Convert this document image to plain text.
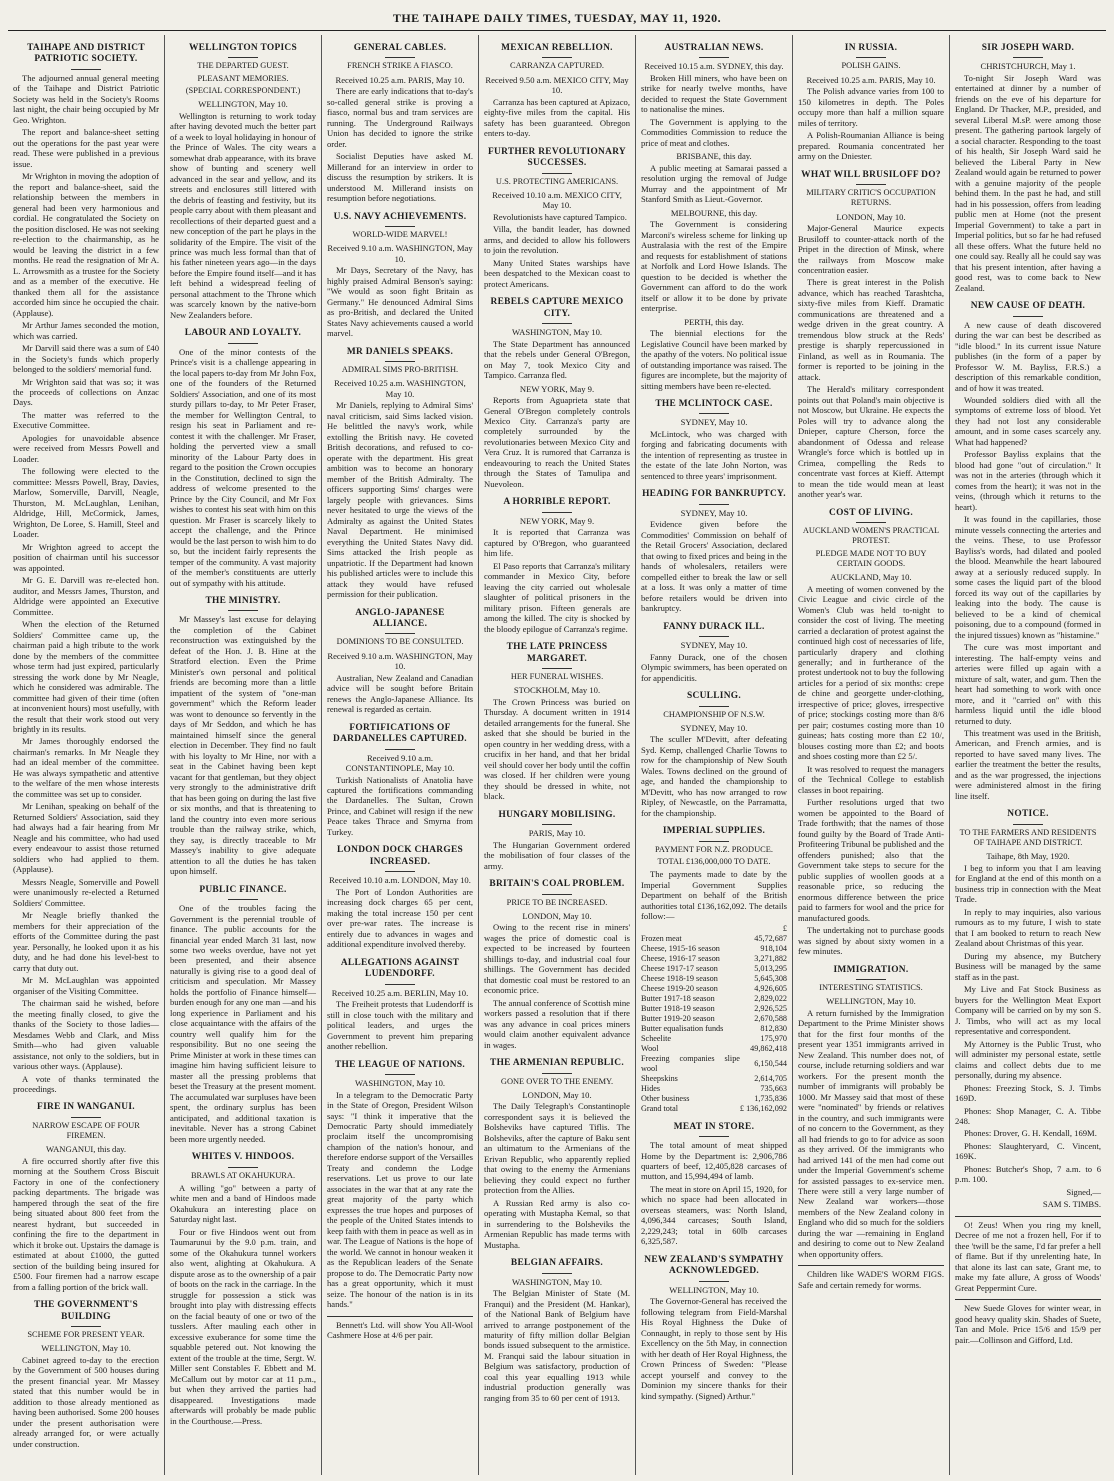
THE TAIHAPE DAILY TIMES, TUESDAY, MAY 11, 1920.
TAIHAPE AND DISTRICT PATRIOTIC SOCIETY.

The adjourned annual general meeting of the Taihape and District Patriotic Society was held in the Society's Rooms last night, the chair being occupied by Mr Geo. Wrighton.

The report and balance-sheet setting out the operations for the past year were read. These were published in a previous issue.

Mr Wrighton in moving the adoption of the report and balance-sheet, said the relationship between the members in general had been very harmonious and cordial. He congratulated the Society on the position disclosed. He was not seeking re-election to the chairmanship, as he would be leaving the district in a few months. He read the resignation of Mr A. L. Arrowsmith as a trustee for the Society and as a member of the executive. He thanked them all for the assistance accorded him since he occupied the chair. (Applause).

Mr Arthur James seconded the motion, which was carried.

Mr Darvill said there was a sum of £40 in the Society's funds which properly belonged to the soldiers' memorial fund.

Mr Wrighton said that was so; it was the proceeds of collections on Anzac Days.

The matter was referred to the Executive Committee.

Apologies for unavoidable absence were received from Messrs Powell and Loader.

The following were elected to the committee: Messrs Powell, Bray, Davies, Marlow, Somerville, Darvill, Neagle, Thurston, M. McLaughlan, Lenihan, Aldridge, Hill, McCormick, James, Wrighton, De Loree, S. Hamill, Steel and Loader.

Mr Wrighton agreed to accept the position of chairman until his successor was appointed.

Mr G. E. Darvill was re-elected hon. auditor, and Messrs James, Thurston, and Aldridge were appointed an Executive Committee.

When the election of the Returned Soldiers' Committee came up, the chairman paid a high tribute to the work done by the members of the committee whose term had just expired, particularly stressing the work done by Mr Neagle, which he considered was admirable. The committee had given of their time (often at inconvenient hours) most usefully, with the result that their work stood out very brightly in its results.

Mr James thoroughly endorsed the chairman's remarks. In Mr Neagle they had an ideal member of the committee. He was always sympathetic and attentive to the welfare of the men whose interests the committee was set up to consider.

Mr Lenihan, speaking on behalf of the Returned Soldiers' Association, said they had always had a fair hearing from Mr Neagle and his committee, who had used every endeavour to assist those returned soldiers who had applied to them. (Applause).

Messrs Neagle, Somerville and Powell were unanimously re-elected a Returned Soldiers' Committee.

Mr Neagle briefly thanked the members for their appreciation of the efforts of the Committee during the past year. Personally, he looked upon it as his duty, and he had done his level-best to carry that duty out.

Mr M. McLaughlan was appointed organiser of the Visiting Committee.

The chairman said he wished, before the meeting finally closed, to give the thanks of the Society to those ladies—Mesdames Webb and Clark, and Miss Smith—who had given valuable assistance, not only to the soldiers, but in various other ways. (Applause).

A vote of thanks terminated the proceedings.

FIRE IN WANGANUI.
NARROW ESCAPE OF FOUR FIREMEN.
WANGANUI, this day.

A fire occurred shortly after five this morning at the Southern Cross Biscuit Factory in one of the confectionery packing departments. The brigade was hampered through the seat of the fire being situated about 800 feet from the nearest hydrant, but succeeded in confining the fire to the department in which it broke out. Upstairs the damage is estimated at about £1000, the gutted section of the building being insured for £500. Four firemen had a narrow escape from a falling portion of the brick wall.

THE GOVERNMENT'S BUILDING
SCHEME FOR PRESENT YEAR.
WELLINGTON, May 10.

Cabinet agreed to-day to the erection by the Government of 500 houses during the present financial year. Mr Massey stated that this number would be in addition to those already mentioned as having been authorised. Some 200 houses under the present authorisation were already arranged for, or were actually under construction.

WELLINGTON TOPICS
THE DEPARTED GUEST.
PLEASANT MEMORIES.
(SPECIAL CORRESPONDENT.)
WELLINGTON, May 10.

Wellington is returning to work today after having devoted much the better part of a week to loyal holidaying in honour of the Prince of Wales. The city wears a somewhat drab appearance, with its brave show of bunting and scenery well advanced in the sear and yellow, and its streets and enclosures still littered with the debris of feasting and festivity, but its people carry about with them pleasant and recollections of their departed guest and a new conception of the part he plays in the solidarity of the Empire. The visit of the prince was much less formal than that of his father nineteen years ago—in the days before the Empire found itself—and it has left behind a widespread feeling of personal attachment to the Throne which was scarcely known by the native-born New Zealanders before.

LABOUR AND LOYALTY.

One of the minor contests of the Prince's visit is a challenge appearing in the local papers to-day from Mr John Fox, one of the founders of the Returned Soldiers' Association, and one of its most sturdy pillars to-day, to Mr Peter Fraser, the member for Wellington Central, to resign his seat in Parliament and re-contest it with the challenger. Mr Fraser, holding the perverted view a small minority of the Labour Party does in regard to the position the Crown occupies in the Constitution, declined to sign the address of welcome presented to the Prince by the City Council, and Mr Fox wishes to contest his seat with him on this question. Mr Fraser is scarcely likely to accept the challenge, and the Prince would be the last person to wish him to do so, but the incident fairly represents the temper of the community. A vast majority of the member's constituents are utterly out of sympathy with his attitude.

THE MINISTRY.

Mr Massey's last excuse for delaying the completion of the Cabinet reconstruction was extinguished by the defeat of the Hon. J. B. Hine at the Stratford election. Even the Prime Minister's own personal and political friends are becoming more than a little impatient of the system of "one-man government" which the Reform leader was wont to denounce so fervently in the days of Mr Seddon, and which he has maintained himself since the general election in December. They find no fault with his loyalty to Mr Hine, nor with a seat in the Cabinet having been kept vacant for that gentleman, but they object very strongly to the administrative drift that has been going on during the last five or six months, and that is threatening to land the country into even more serious trouble than the railway strike, which, they say, is directly traceable to Mr Massey's inability to give adequate attention to all the duties he has taken upon himself.

PUBLIC FINANCE.

One of the troubles facing the Government is the perennial trouble of finance. The public accounts for the financial year ended March 31 last, now some two weeks overdue, have not yet been presented, and their absence naturally is giving rise to a good deal of criticism and speculation. Mr Massey holds the portfolio of Finance himself—burden enough for any one man —and his long experience in Parliament and his close acquaintance with the affairs of the country well qualify him for the responsibility. But no one seeing the Prime Minister at work in these times can imagine him having sufficient leisure to master all the pressing problems that beset the Treasury at the present moment. The accumulated war surpluses have been spent, the ordinary surplus has been anticipated, and additional taxation is inevitable. Never has a strong Cabinet been more urgently needed.

WHITES V. HINDOOS.
BRAWLS AT OKAHUKURA.

A willing "go" between a party of white men and a band of Hindoos made Okahukura an interesting place on Saturday night last.

Four or five Hindoos went out from Taumarunui by the 9.0 p.m. train, and some of the Okahukura tunnel workers also went, alighting at Okahukura. A dispute arose as to the ownership of a pair of boots on the rack in the carriage. In the struggle for possession a stick was brought into play with distressing effects on the facial beauty of one or two of the tusslers. After mauling each other in excessive exuberance for some time the squabble petered out. Not knowing the extent of the trouble at the time, Sergt. W. Miller sent Constables F. Ebbett and M. McCallum out by motor car at 11 p.m., but when they arrived the parties had disappeared. Investigations made afterwards will probably be made public in the Courthouse.—Press.

GENERAL CABLES.
FRENCH STRIKE A FIASCO.
Received 10.25 a.m. PARIS, May 10.

There are early indications that to-day's so-called general strike is proving a fiasco, normal bus and tram services are running. The Underground Railways Union has decided to ignore the strike order.

Socialist Deputies have asked M. Millerand for an interview in order to discuss the resumption by strikers. It is understood M. Millerand insists on resumption before negotiations.

U.S. NAVY ACHIEVEMENTS.
WORLD-WIDE MARVEL!
Received 9.10 a.m. WASHINGTON, May 10.

Mr Days, Secretary of the Navy, has highly praised Admiral Benson's saying: "We would as soon fight Britain as Germany." He denounced Admiral Sims as pro-British, and declared the United States Navy achievements caused a world marvel.

MR DANIELS SPEAKS.
ADMIRAL SIMS PRO-BRITISH.
Received 10.25 a.m. WASHINGTON, May 10.

Mr Daniels, replying to Admiral Sims' naval criticism, said Sims lacked vision. He belittled the navy's work, while extolling the British navy. He coveted British decorations, and refused to co-operate with the department. His great ambition was to become an honorary member of the British Admiralty. The officers supporting Sims' charges were largely people with grievances. Sims never hesitated to urge the views of the Admiralty as against the United States Naval Department. He minimised everything the United States Navy did. Sims attacked the Irish people as unpatriotic. If the Department had known his published articles were to include this attack they would have refused permission for their publication.

ANGLO-JAPANESE ALLIANCE.
DOMINIONS TO BE CONSULTED.
Received 9.10 a.m. WASHINGTON, May 10.

Australian, New Zealand and Canadian advice will be sought before Britain renews the Anglo-Japanese Alliance. Its renewal is regarded as certain.

FORTIFICATIONS OF DARDANELLES CAPTURED.
Received 9.10 a.m. CONSTANTINOPLE, May 10.

Turkish Nationalists of Anatolia have captured the fortifications commanding the Dardanelles. The Sultan, Crown Prince, and Cabinet will resign if the new Peace takes Thrace and Smyrna from Turkey.

LONDON DOCK CHARGES INCREASED.
Received 10.10 a.m. LONDON, May 10.

The Port of London Authorities are increasing dock charges 65 per cent, making the total increase 150 per cent over pre-war rates. The increase is entirely due to advances in wages and additional expenditure involved thereby.

ALLEGATIONS AGAINST LUDENDORFF.
Received 10.25 a.m. BERLIN, May 10.

The Freiheit protests that Ludendorff is still in close touch with the military and political leaders, and urges the Government to prevent him preparing another rebellion.

THE LEAGUE OF NATIONS.
WASHINGTON, May 10.

In a telegram to the Democratic Party in the State of Oregon, President Wilson says: "I think it imperative that the Democratic Party should immediately proclaim itself the uncompromising champion of the nation's honour, and therefore endorse support of the Versailles Treaty and condemn the Lodge reservations. Let us prove to our late associates in the war that at any rate the great majority of the party which expresses the true hopes and purposes of the people of the United States intends to keep faith with them in peace as well as in war. The League of Nations is the hope of the world. We cannot in honour weaken it as the Republican leaders of the Senate propose to do. The Democratic Party now has a great opportunity, which it must seize. The honour of the nation is in its hands."

Bennett's Ltd. will show You All-Wool Cashmere Hose at 4/6 per pair.

MEXICAN REBELLION.
CARRANZA CAPTURED.
Received 9.50 a.m. MEXICO CITY, May 10.

Carranza has been captured at Apizaco, eighty-five miles from the capital. His safety has been guaranteed. Obregon enters to-day.

FURTHER REVOLUTIONARY SUCCESSES.
U.S. PROTECTING AMERICANS.
Received 10.10 a.m. MEXICO CITY, May 10.

Revolutionists have captured Tampico.

Villa, the bandit leader, has downed arms, and decided to allow his followers to join the revolution.

Many United States warships have been despatched to the Mexican coast to protect Americans.

REBELS CAPTURE MEXICO CITY.
WASHINGTON, May 10.

The State Department has announced that the rebels under General O'Bregon, on May 7, took Mexico City and Tampico. Carranza fled.

NEW YORK, May 9.

Reports from Aguaprieta state that General O'Bregon completely controls Mexico City. Carranza's party are completely surrounded by the revolutionaries between Mexico City and Vera Cruz. It is rumored that Carranza is endeavouring to reach the United States through the States of Tamulipa and Nuevoleon.

A HORRIBLE REPORT.
NEW YORK, May 9.

It is reported that Carranza was captured by O'Bregon, who guaranteed him life.

El Paso reports that Carranza's military commander in Mexico City, before leaving the city carried out wholesale slaughter of political prisoners in the military prison. Fifteen generals are among the killed. The city is shocked by the bloody epilogue of Carranza's regime.

THE LATE PRINCESS MARGARET.
HER FUNERAL WISHES.
STOCKHOLM, May 10.

The Crown Princess was buried on Thursday. A document written in 1914 detailed arrangements for the funeral. She asked that she should be buried in the open country in her wedding dress, with a crucifix in her hand, and that her bridal veil should cover her body until the coffin was closed. If her children were young they should be dressed in white, not black.

HUNGARY MOBILISING.
PARIS, May 10.

The Hungarian Government ordered the mobilisation of four classes of the army.

BRITAIN'S COAL PROBLEM.
PRICE TO BE INCREASED.
LONDON, May 10.

Owing to the recent rise in miners' wages the price of domestic coal is expected to be increased by fourteen shillings to-day, and industrial coal four shillings. The Government has decided that domestic coal must be restored to an economic price.

The annual conference of Scottish mine workers passed a resolution that if there was any advance in coal prices miners would claim another equivalent advance in wages.

THE ARMENIAN REPUBLIC.
GONE OVER TO THE ENEMY.
LONDON, May 10.

The Daily Telegraph's Constantinople correspondent says it is believed the Bolsheviks have captured Tiflis. The Bolsheviks, after the capture of Baku sent an ultimatum to the Armenians of the Erivan Republic, who apparently replied that owing to the enemy the Armenians believing they could expect no further protection from the Allies.

A Russian Red army is also co-operating with Mustapha Kemal, so that in surrendering to the Bolsheviks the Armenian Republic has made terms with Mustapha.

BELGIAN AFFAIRS.
WASHINGTON, May 10.

The Belgian Minister of State (M. Franqui) and the President (M. Hankar), of the National Bank of Belgium have arrived to arrange postponement of the maturity of fifty million dollar Belgian bonds issued subsequent to the armistice. M. Franqui said the labour situation in Belgium was satisfactory, production of coal this year equalling 1913 while industrial production generally was ranging from 35 to 60 per cent of 1913.

AUSTRALIAN NEWS.
Received 10.15 a.m. SYDNEY, this day.

Broken Hill miners, who have been on strike for nearly twelve months, have decided to request the State Government to nationalise the mines.

The Government is applying to the Commodities Commission to reduce the price of meat and clothes.

BRISBANE, this day.

A public meeting at Samarai passed a resolution urging the removal of Judge Murray and the appointment of Mr Stanford Smith as Lieut.-Governor.

MELBOURNE, this day.

The Government is considering Marconi's wireless scheme for linking up Australasia with the rest of the Empire and requests for establishment of stations at Norfolk and Lord Howe Islands. The question to be decided is whether the Government can afford to do the work itself or allow it to be done by private enterprise.

PERTH, this day.

The biennial elections for the Legislative Council have been marked by the apathy of the voters. No political issue of outstanding importance was raised. The figures are incomplete, but the majority of sitting members have been re-elected.

THE MCLINTOCK CASE.
SYDNEY, May 10.

McLintock, who was charged with forging and fabricating documents with the intention of representing as trustee in the estate of the late John Norton, was sentenced to three years' imprisonment.

HEADING FOR BANKRUPTCY.
SYDNEY, May 10.

Evidence given before the Commodities' Commission on behalf of the Retail Grocers' Association, declared that owing to fixed prices and being in the hands of wholesalers, retailers were compelled either to break the law or sell at a loss. It was only a matter of time before retailers would be driven into bankruptcy.

FANNY DURACK ILL.
SYDNEY, May 10.

Fanny Durack, one of the chosen Olympic swimmers, has been operated on for appendicitis.

SCULLING.
CHAMPIONSHIP OF N.S.W.
SYDNEY, May 10.

The sculler M'Devitt, after defeating Syd. Kemp, challenged Charlie Towns to row for the championship of New South Wales. Towns declined on the ground of age, and handed the championship to M'Devitt, who has now arranged to row Ripley, of Newcastle, on the Parramatta, for the championship.

IMPERIAL SUPPLIES.
PAYMENT FOR N.Z. PRODUCE.
TOTAL £136,000,000 TO DATE.

The payments made to date by the Imperial Government Supplies Department on behalf of the British authorities total £136,162,092. The details follow:—

	£
Frozen meat	45,72,687
Cheese, 1915-16 season	918,104
Cheese, 1916-17 season	3,271,882
Cheese 1917-17 season	5,013,295
Cheese 1918-19 season	5,645,308
Cheese 1919-20 season	4,926,605
Butter 1917-18 season	2,829,022
Butter 1918-19 season	2,926,525
Butter 1919-20 season	2,670,588
Butter equalisation funds	812,830
Scheelite	175,970
Wool	49,862,418
Freezing companies slipe wool	6,150,544
Sheepskins	2,614,705
Hides	735,663
Other business	1,735,836
Grand total	£ 136,162,092
MEAT IN STORE.

The total amount of meat shipped Home by the Department is: 2,906,786 quarters of beef, 12,405,828 carcases of mutton, and 15,994,494 of lamb.

The meat in store on April 15, 1920, for which no space had been allocated in overseas steamers, was: North Island, 4,096,344 carcases; South Island, 2,229,243; total in 60lb carcases 6,325,587.

NEW ZEALAND'S SYMPATHY ACKNOWLEDGED.
WELLINGTON, May 10.

The Governor-General has received the following telegram from Field-Marshal His Royal Highness the Duke of Connaught, in reply to those sent by His Excellency on the 5th May, in connection with her death of Her Royal Highness, the Crown Princess of Sweden: "Please accept yourself and convey to the Dominion my sincere thanks for their kind sympathy. (Signed) Arthur."

IN RUSSIA.
POLISH GAINS.
Received 10.25 a.m. PARIS, May 10.

The Polish advance varies from 100 to 150 kilometres in depth. The Poles occupy more than half a million square miles of territory.

A Polish-Roumanian Alliance is being prepared. Roumania concentrated her army on the Dniester.

WHAT WILL BRUSILOFF DO?
MILITARY CRITIC'S OCCUPATION RETURNS.
LONDON, May 10.

Major-General Maurice expects Brusiloff to counter-attack north of the Pripet in the direction of Minsk, where the railways from Moscow make concentration easier.

There is great interest in the Polish advance, which has reached Tarashtcha, sixty-five miles from Kieff. Dramatic communications are threatened and a wedge driven in the great country. A tremendous blow struck at the Reds' prestige is sharply repercussioned in Finland, as well as in Roumania. The former is reported to be joining in the attack.

The Herald's military correspondent points out that Poland's main objective is not Moscow, but Ukraine. He expects the Poles will try to advance along the Dnieper, capture Cherson, force the abandonment of Odessa and release Wrangle's force which is bottled up in Crimea, compelling the Reds to concentrate vast forces at Kieff. Attempt to mean the tide would mean at least another year's war.

COST OF LIVING.
AUCKLAND WOMEN'S PRACTICAL PROTEST.
PLEDGE MADE NOT TO BUY CERTAIN GOODS.
AUCKLAND, May 10.

A meeting of women convened by the Civic League and civic circle of the Women's Club was held to-night to consider the cost of living. The meeting carried a declaration of protest against the continued high cost of necessaries of life, particularly drapery and clothing generally; and in furtherance of the protest undertook not to buy the following articles for a period of six months: crepe de chine and georgette under-clothing, irrespective of price; gloves, irrespective of price; stockings costing more than 8/6 per pair; costumes costing more than 10 guineas; hats costing more than £2 10/, blouses costing more than £2; and boots and shoes costing more than £2 5/.

It was resolved to request the managers of the Technical College to establish classes in boot repairing.

Further resolutions urged that two women be appointed to the Board of Trade forthwith; that the names of those found guilty by the Board of Trade Anti-Profiteering Tribunal be published and the offenders punished; also that the Government take steps to secure for the public supplies of woollen goods at a reasonable price, so reducing the enormous difference between the price paid to farmers for wool and the price for manufactured goods.

The undertaking not to purchase goods was signed by about sixty women in a few minutes.

IMMIGRATION.
INTERESTING STATISTICS.
WELLINGTON, May 10.

A return furnished by the Immigration Department to the Prime Minister shows that for the first four months of the present year 1351 immigrants arrived in New Zealand. This number does not, of course, include returning soldiers and war workers. For the present month the number of immigrants will probably be 1000. Mr Massey said that most of these were "nominated" by friends or relatives in the country, and such immigrants were of no concern to the Government, as they all had friends to go to for advice as soon as they arrived. Of the immigrants who had arrived 141 of the men had come out under the Imperial Government's scheme for assisted passages to ex-service men. There were still a very large number of New Zealand war workers—those members of the New Zealand colony in England who did so much for the soldiers during the war —remaining in England and desiring to come out to New Zealand when opportunity offers.

Children like WADE'S WORM FIGS. Safe and certain remedy for worms.

SIR JOSEPH WARD.
CHRISTCHURCH, May 1.

To-night Sir Joseph Ward was entertained at dinner by a number of friends on the eve of his departure for England. Dr Thacker, M.P., presided, and several Liberal M.sP. were among those present. The gathering partook largely of a social character. Responding to the toast of his health, Sir Joseph Ward said he believed the Liberal Party in New Zealand would again be returned to power with a genuine majority of the people behind them. In the past he had, and still had in his possession, offers from leading public men at Home (not the present Imperial Government) to take a part in Imperial politics, but so far he had refused all these offers. What the future held no one could say. Really all he could say was that his present intention, after having a good rest, was to come back to New Zealand.

NEW CAUSE OF DEATH.

A new cause of death discovered during the war can best be described as "idle blood." In its current issue Nature publishes (in the form of a paper by Professor W. M. Bayliss, F.R.S.) a description of this remarkable condition, and of how it was treated.

Wounded soldiers died with all the symptoms of extreme loss of blood. Yet they had not lost any considerable amount, and in some cases scarcely any. What had happened?

Professor Bayliss explains that the blood had gone "out of circulation." It was not in the arteries (through which it comes from the heart); it was not in the veins, (through which it returns to the heart).

It was found in the capillaries, those minute vessels connecting the arteries and the veins. These, to use Professor Bayliss's words, had dilated and pooled the blood. Meanwhile the heart laboured away at a seriously reduced supply. In some cases the liquid part of the blood forced its way out of the capillaries by leaking into the body. The cause is believed to be a kind of chemical poisoning, due to a compound (formed in the injured tissues) known as "histamine."

The cure was most important and interesting. The half-empty veins and arteries were filled up again with a mixture of salt, water, and gum. Then the heart had something to work with once more, and it "carried on" with this harmless liquid until the idle blood returned to duty.

This treatment was used in the British, American, and French armies, and is reported to have saved many lives. The earlier the treatment the better the results, and as the war progressed, the injections were administered almost in the firing line itself.

NOTICE.
TO THE FARMERS AND RESIDENTS OF TAIHAPE AND DISTRICT.
Taihape, 8th May, 1920.

I beg to inform you that I am leaving for England at the end of this month on a business trip in connection with the Meat Trade.

In reply to may inquiries, also various rumours as to my future, I wish to state that I am booked to return to reach New Zealand about Christmas of this year.

During my absence, my Butchery Business will be managed by the same staff as in the past.

My Live and Fat Stock Business as buyers for the Wellington Meat Export Company will be carried on by my son S. J. Timbs, who will act as my local representative and correspondent.

My Attorney is the Public Trust, who will administer my personal estate, settle claims and collect debts due to me personally, during my absence.

Phones: Freezing Stock, S. J. Timbs 169D.

Phones: Shop Manager, C. A. Tibbe 248.

Phones: Drover, G. H. Kendall, 169M.

Phones: Slaughteryard, C. Vincent, 169K.

Phones: Butcher's Shop, 7 a.m. to 6 p.m. 100.

Signed,—
SAM S. TIMBS.

O! Zeus! When you ring my knell, Decree of me not a frozen hell, For if to thee 'twill be the same, I'd far prefer a hell of flame. But if thy unrelenting hate, In that alone its last can sate, Grant me, to make my fate allure, A gross of Woods' Great Peppermint Cure.

New Suede Gloves for winter wear, in good heavy quality skin. Shades of Suete, Tan and Mole. Price 15/6 and 15/9 per pair.—Collinson and Gifford, Ltd.
